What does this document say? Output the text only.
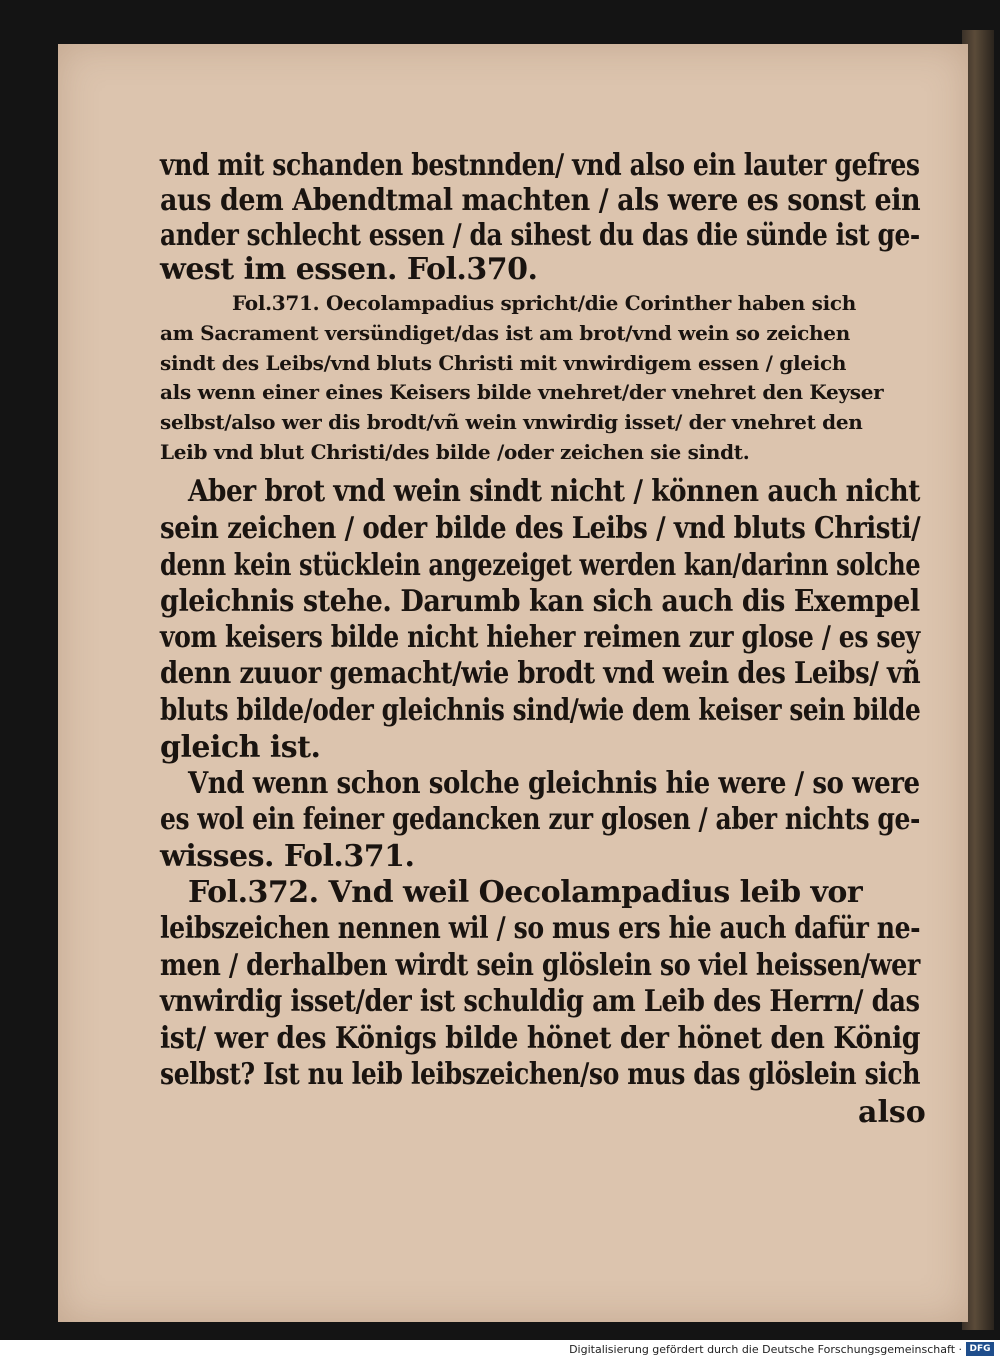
vnd mit schanden bestnnden/ vnd also ein lauter gefres
aus dem Abendtmal machten / als were es sonst ein
ander schlecht essen / da sihest du das die sünde ist ge-
west im essen. Fol.370.
Fol.371. Oecolampadius spricht/die Corinther haben sich
am Sacrament versündiget/das ist am brot/vnd wein so zeichen
sindt des Leibs/vnd bluts Christi mit vnwirdigem essen / gleich
als wenn einer eines Keisers bilde vnehret/der vnehret den Keyser
selbst/also wer dis brodt/vñ wein vnwirdig isset/ der vnehret den
Leib vnd blut Christi/des bilde /oder zeichen sie sindt.
Aber brot vnd wein sindt nicht / können auch nicht
sein zeichen / oder bilde des Leibs / vnd bluts Christi/
denn kein stücklein angezeiget werden kan/darinn solche
gleichnis stehe. Darumb kan sich auch dis Exempel
vom keisers bilde nicht hieher reimen zur glose / es sey
denn zuuor gemacht/wie brodt vnd wein des Leibs/ vñ
bluts bilde/oder gleichnis sind/wie dem keiser sein bilde
gleich ist.
Vnd wenn schon solche gleichnis hie were / so were
es wol ein feiner gedancken zur glosen / aber nichts ge-
wisses. Fol.371.
Fol.372. Vnd weil Oecolampadius leib vor
leibszeichen nennen wil / so mus ers hie auch dafür ne-
men / derhalben wirdt sein glöslein so viel heissen/wer
vnwirdig isset/der ist schuldig am Leib des Herrn/ das
ist/ wer des Königs bilde hönet der hönet den König
selbst? Ist nu leib leibszeichen/so mus das glöslein sich
also
Digitalisierung gefördert durch die Deutsche Forschungsgemeinschaft · DFG
